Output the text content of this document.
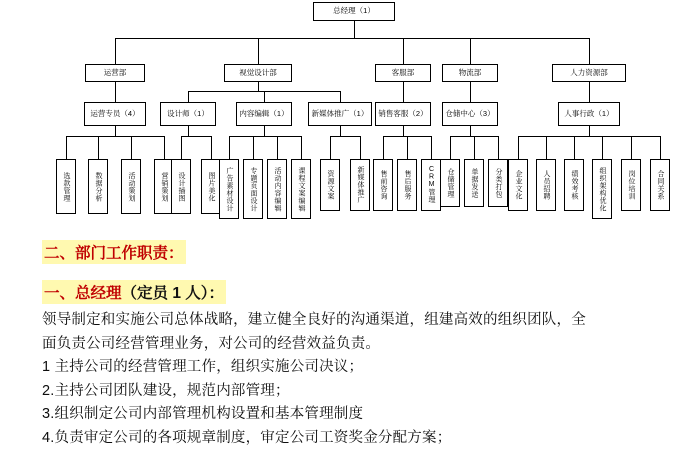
总经理（1）
运营部	视觉设计部	客服部	物流部	人力资源部
运营专员（4）	设计师（1）	内容编辑（1）	新媒体推广（1）	销售客服（2）	仓储中心（3）	人事行政（1）
选款管理	数据分析	活动策划	营销策划	设计插图	图片美化	广告素材设计	专题页面设计	活动内容编辑	课程文案编辑	资源文案	新媒体推广	售前咨询	售后服务	CRM管理	仓储管理	单据发送	分类打包	企业文化	人员招聘	绩效考核	组织架构优化	岗位培训	合同关系
二、部门工作职责：
一、总经理（定员 1 人）：

领导制定和实施公司总体战略，建立健全良好的沟通渠道，组建高效的组织团队，全

面负责公司经营管理业务，对公司的经营效益负责。

1 主持公司的经营管理工作，组织实施公司决议；

2.主持公司团队建设，规范内部管理；

3.组织制定公司内部管理机构设置和基本管理制度

4.负责审定公司的各项规章制度，审定公司工资奖金分配方案；
